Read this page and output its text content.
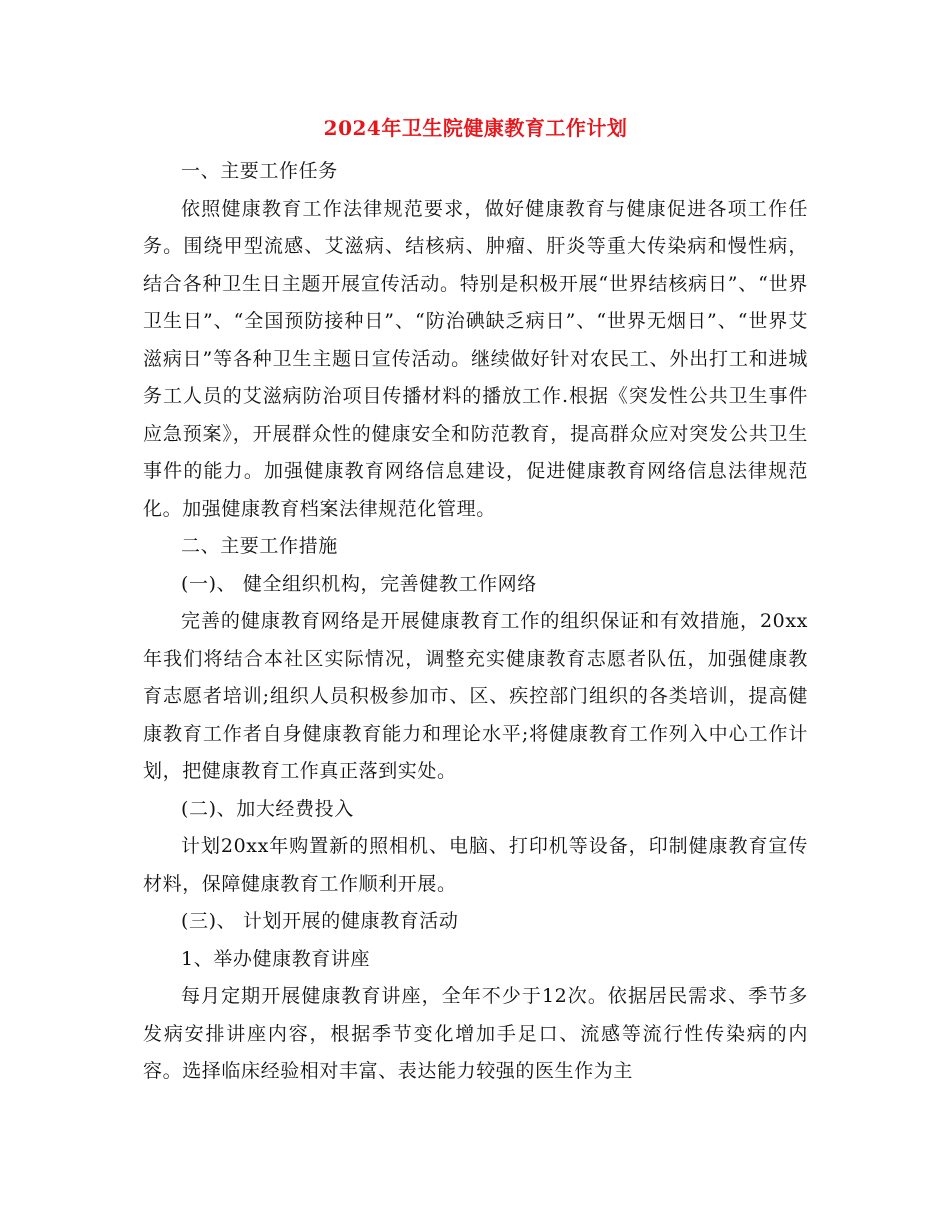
2024年卫生院健康教育工作计划

一、主要工作任务

依照健康教育工作法律规范要求，做好健康教育与健康促进各项工作任务。围绕甲型流感、艾滋病、结核病、肿瘤、肝炎等重大传染病和慢性病，结合各种卫生日主题开展宣传活动。特别是积极开展“世界结核病日”、“世界卫生日”、“全国预防接种日”、“防治碘缺乏病日”、“世界无烟日”、“世界艾滋病日”等各种卫生主题日宣传活动。继续做好针对农民工、外出打工和进城务工人员的艾滋病防治项目传播材料的播放工作.根据《突发性公共卫生事件应急预案》，开展群众性的健康安全和防范教育，提高群众应对突发公共卫生事件的能力。加强健康教育网络信息建设，促进健康教育网络信息法律规范化。加强健康教育档案法律规范化管理。

二、主要工作措施

(一)、 健全组织机构，完善健教工作网络

完善的健康教育网络是开展健康教育工作的组织保证和有效措施，20xx年我们将结合本社区实际情况，调整充实健康教育志愿者队伍，加强健康教育志愿者培训;组织人员积极参加市、区、疾控部门组织的各类培训，提高健康教育工作者自身健康教育能力和理论水平;将健康教育工作列入中心工作计划，把健康教育工作真正落到实处。

(二)、加大经费投入

计划20xx年购置新的照相机、电脑、打印机等设备，印制健康教育宣传材料，保障健康教育工作顺利开展。

(三)、 计划开展的健康教育活动

1、举办健康教育讲座

每月定期开展健康教育讲座，全年不少于12次。依据居民需求、季节多发病安排讲座内容，根据季节变化增加手足口、流感等流行性传染病的内容。选择临床经验相对丰富、表达能力较强的医生作为主
